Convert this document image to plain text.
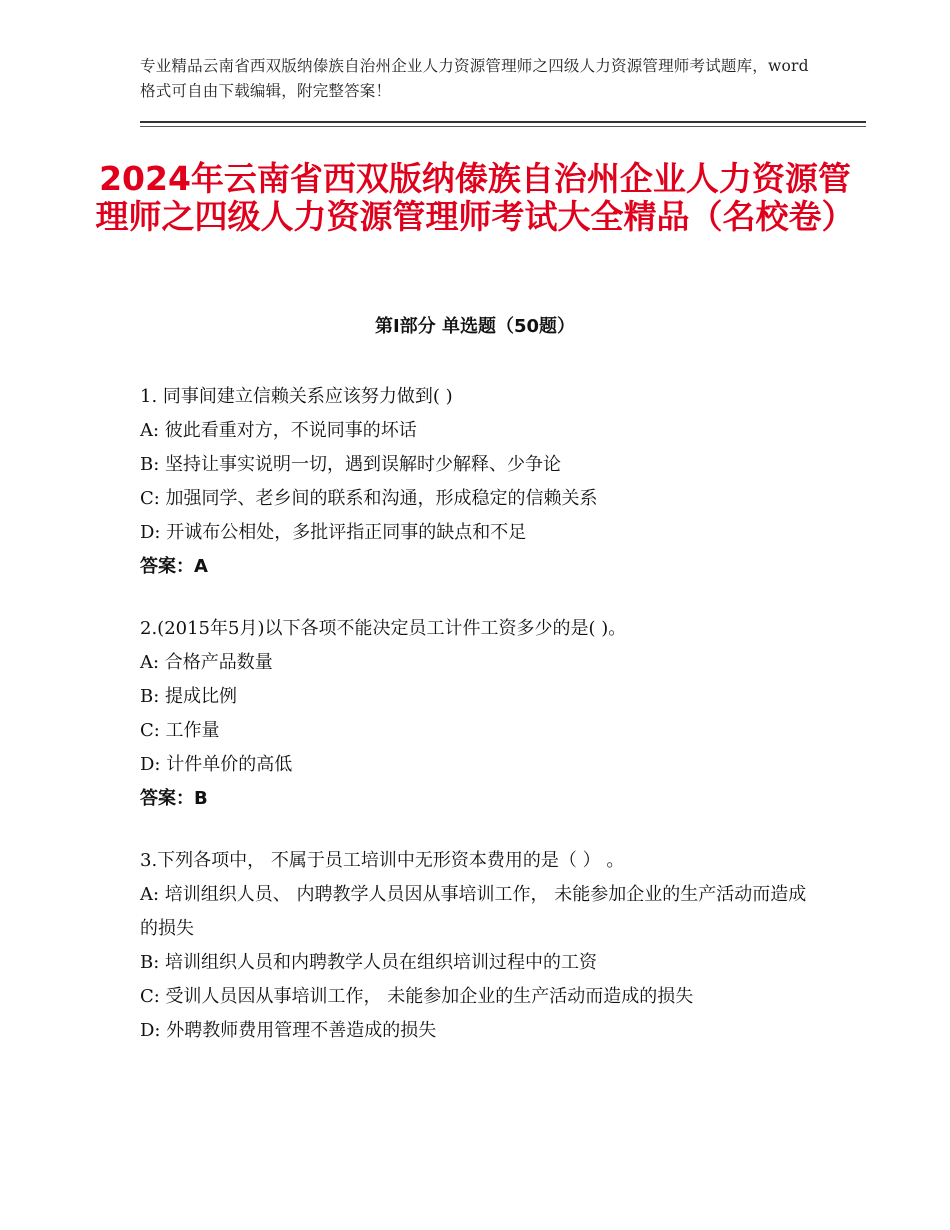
专业精品云南省西双版纳傣族自治州企业人力资源管理师之四级人力资源管理师考试题库，word格式可自由下载编辑，附完整答案！
2024年云南省西双版纳傣族自治州企业人力资源管理师之四级人力资源管理师考试大全精品（名校卷）
第Ⅰ部分 单选题（50题）

1. 同事间建立信赖关系应该努力做到( )

A: 彼此看重对方，不说同事的坏话

B: 坚持让事实说明一切，遇到误解时少解释、少争论

C: 加强同学、老乡间的联系和沟通，形成稳定的信赖关系

D: 开诚布公相处，多批评指正同事的缺点和不足

答案：A

2.(2015年5月)以下各项不能决定员工计件工资多少的是( )。

A: 合格产品数量

B: 提成比例

C: 工作量

D: 计件单价的高低

答案：B

3.下列各项中， 不属于员工培训中无形资本费用的是（ ） 。

A: 培训组织人员、 内聘教学人员因从事培训工作， 未能参加企业的生产活动而造成的损失

B: 培训组织人员和内聘教学人员在组织培训过程中的工资

C: 受训人员因从事培训工作， 未能参加企业的生产活动而造成的损失

D: 外聘教师费用管理不善造成的损失
